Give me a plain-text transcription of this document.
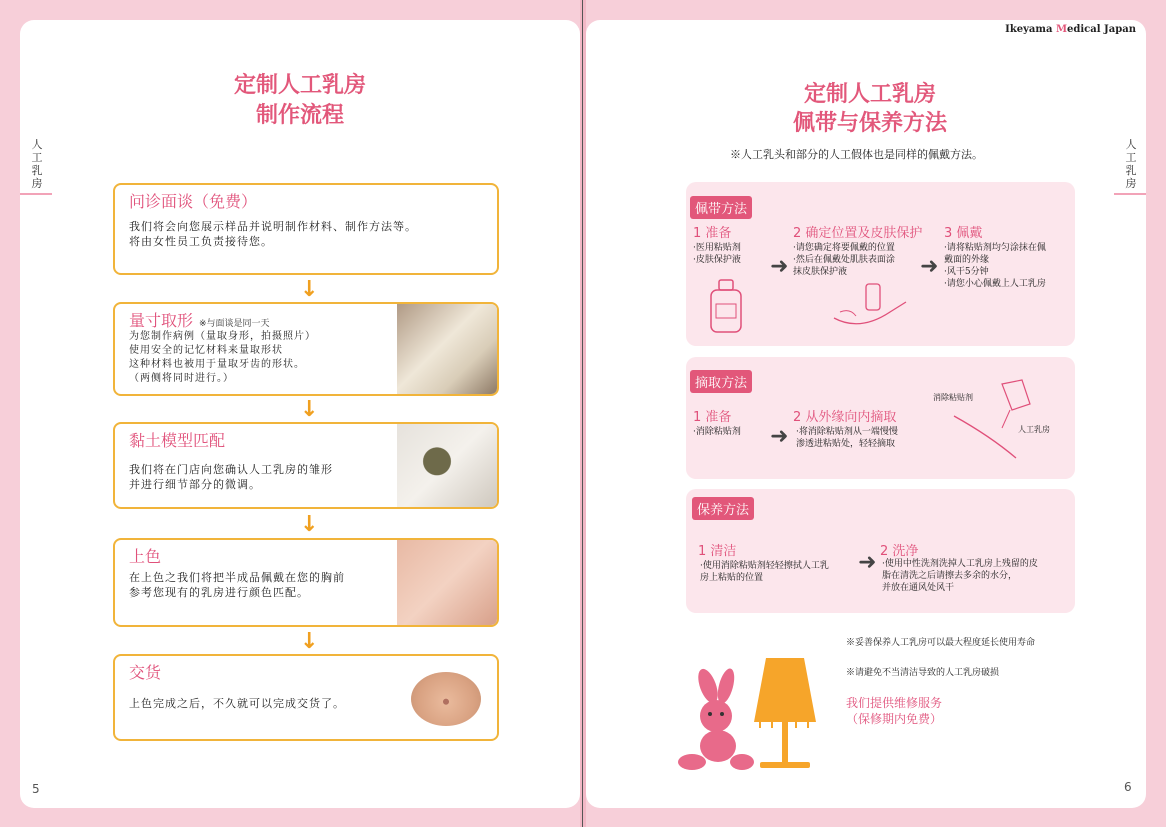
定制人工乳房
制作流程
人
工
乳
房
问诊面谈（免费）
我们将会向您展示样品并说明制作材料、制作方法等。
将由女性员工负责接待您。
↓
量寸取形 ※与面谈是同一天
为您制作病例（量取身形，拍摄照片）
使用安全的记忆材料来量取形状
这种材料也被用于量取牙齿的形状。
（两侧将同时进行。）
↓
黏土模型匹配
我们将在门店向您确认人工乳房的雏形
并进行细节部分的微调。
↓
上色
在上色之我们将把半成品佩戴在您的胸前
参考您现有的乳房进行颜色匹配。
↓
交货
上色完成之后，不久就可以完成交货了。
5
Ikeyama Medical Japan
定制人工乳房
佩带与保养方法
※人工乳头和部分的人工假体也是同样的佩戴方法。
人
工
乳
房
佩带方法
1 准备
·医用粘贴剂
·皮肤保护液 ➜
2 确定位置及皮肤保护
·请您确定将要佩戴的位置
·然后在佩戴处肌肤表面涂
抹皮肤保护液	➜
3 佩戴
·请将粘贴剂均匀涂抹在佩
戴面的外缘
·风干5分钟
·请您小心佩戴上人工乳房
摘取方法
1 准备
·消除粘贴剂 ➜
2 从外缘向内摘取
·将消除粘贴剂从一端慢慢
渗透进粘贴处，轻轻摘取
消除粘贴剂
人工乳房
保养方法
1 清洁
·使用消除粘贴剂轻轻擦拭人工乳
房上粘贴的位置
➜ 2 洗净
·使用中性洗剂洗掉人工乳房上残留的皮
脂在清洗之后请擦去多余的水分，
并放在通风处风干
※妥善保养人工乳房可以最大程度延长使用寿命
※请避免不当清洁导致的人工乳房破损
我们提供维修服务
（保修期内免费）
6
